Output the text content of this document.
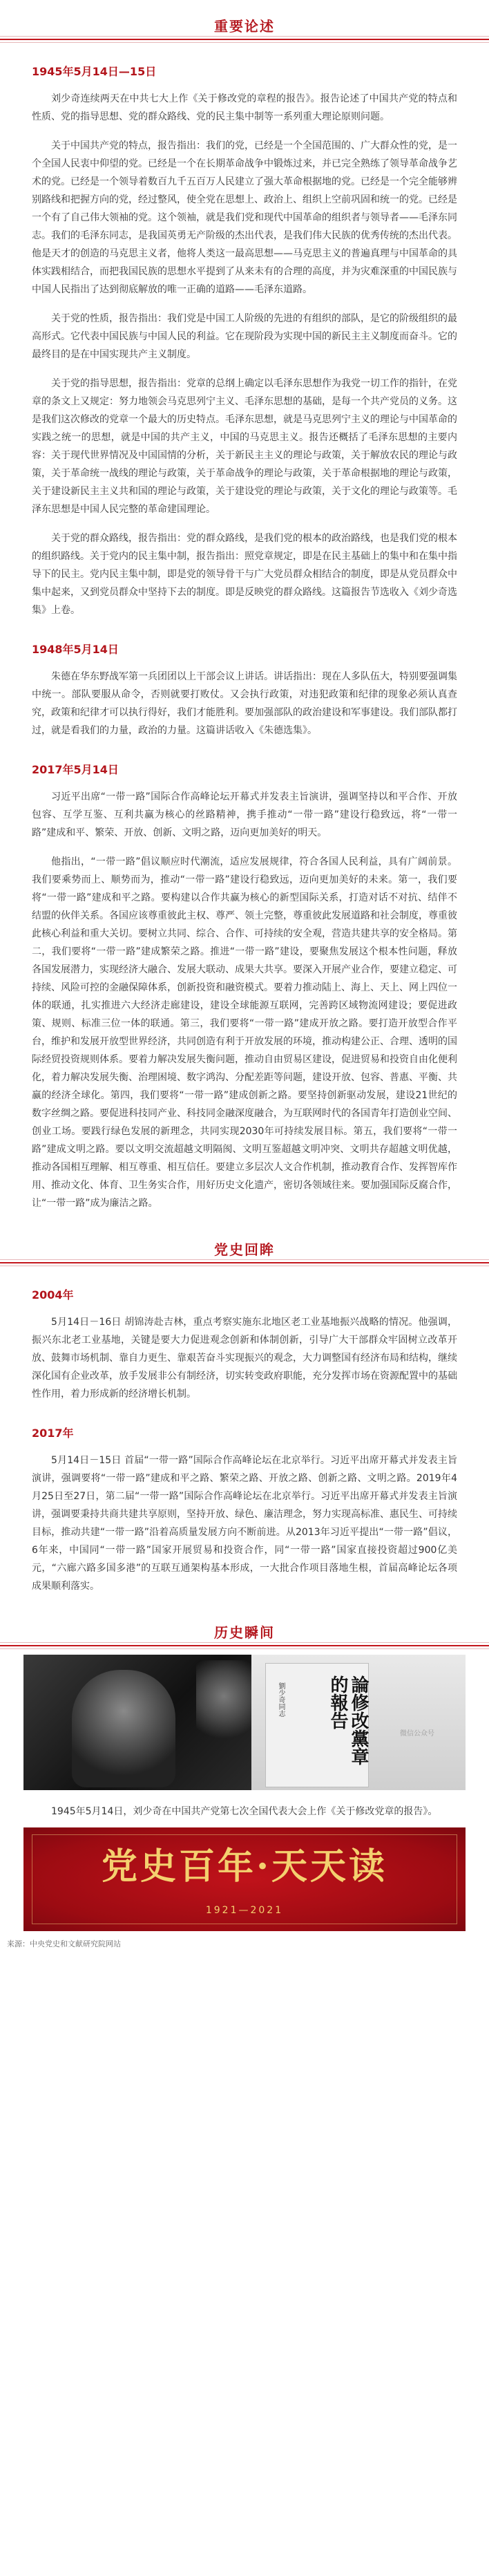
重要论述
1945年5月14日—15日

刘少奇连续两天在中共七大上作《关于修改党的章程的报告》。报告论述了中国共产党的特点和性质、党的指导思想、党的群众路线、党的民主集中制等一系列重大理论原则问题。

关于中国共产党的特点，报告指出：我们的党，已经是一个全国范围的、广大群众性的党，是一个全国人民衷中仰望的党。已经是一个在长期革命战争中锻炼过来，并已完全熟练了领导革命战争艺术的党。已经是一个领导着数百九千五百万人民建立了强大革命根据地的党。已经是一个完全能够辨别路线和把握方向的党，经过整风，使全党在思想上、政治上、组织上空前巩固和统一的党。已经是一个有了自己伟大领袖的党。这个领袖，就是我们党和现代中国革命的组织者与领导者——毛泽东同志。我们的毛泽东同志，是我国英勇无产阶级的杰出代表，是我们伟大民族的优秀传统的杰出代表。他是天才的创造的马克思主义者，他将人类这一最高思想——马克思主义的普遍真理与中国革命的具体实践相结合，而把我国民族的思想水平提到了从来未有的合理的高度，并为灾难深重的中国民族与中国人民指出了达到彻底解放的唯一正确的道路——毛泽东道路。

关于党的性质，报告指出：我们党是中国工人阶级的先进的有组织的部队，是它的阶级组织的最高形式。它代表中国民族与中国人民的利益。它在现阶段为实现中国的新民主主义制度而奋斗。它的最终目的是在中国实现共产主义制度。

关于党的指导思想，报告指出：党章的总纲上确定以毛泽东思想作为我党一切工作的指针，在党章的条文上又规定：努力地领会马克思列宁主义、毛泽东思想的基础，是每一个共产党员的义务。这是我们这次修改的党章一个最大的历史特点。毛泽东思想，就是马克思列宁主义的理论与中国革命的实践之统一的思想，就是中国的共产主义，中国的马克思主义。报告还概括了毛泽东思想的主要内容：关于现代世界情况及中国国情的分析，关于新民主主义的理论与政策，关于解放农民的理论与政策，关于革命统一战线的理论与政策，关于革命战争的理论与政策，关于革命根据地的理论与政策，关于建设新民主主义共和国的理论与政策，关于建设党的理论与政策，关于文化的理论与政策等。毛泽东思想是中国人民完整的革命建国理论。

关于党的群众路线，报告指出：党的群众路线，是我们党的根本的政治路线，也是我们党的根本的组织路线。关于党内的民主集中制，报告指出：照党章规定，即是在民主基础上的集中和在集中指导下的民主。党内民主集中制，即是党的领导骨干与广大党员群众相结合的制度，即是从党员群众中集中起来，又到党员群众中坚持下去的制度。即是反映党的群众路线。这篇报告节选收入《刘少奇选集》上卷。

1948年5月14日

朱德在华东野战军第一兵团团以上干部会议上讲话。讲话指出：现在人多队伍大，特别要强调集中统一。部队要服从命令，否则就要打败仗。又会执行政策，对违犯政策和纪律的现象必须认真查究，政策和纪律才可以执行得好，我们才能胜利。要加强部队的政治建设和军事建设。我们部队都打过，就是看我们的力量，政治的力量。这篇讲话收入《朱德选集》。

2017年5月14日

习近平出席“一带一路”国际合作高峰论坛开幕式并发表主旨演讲，强调坚持以和平合作、开放包容、互学互鉴、互利共赢为核心的丝路精神，携手推动“一带一路”建设行稳致远，将“一带一路”建成和平、繁荣、开放、创新、文明之路，迈向更加美好的明天。

他指出，“一带一路”倡议顺应时代潮流，适应发展规律，符合各国人民利益，具有广阔前景。我们要乘势而上、顺势而为，推动“一带一路”建设行稳致远，迈向更加美好的未来。第一，我们要将“一带一路”建成和平之路。要构建以合作共赢为核心的新型国际关系，打造对话不对抗、结伴不结盟的伙伴关系。各国应该尊重彼此主权、尊严、领土完整，尊重彼此发展道路和社会制度，尊重彼此核心利益和重大关切。要树立共同、综合、合作、可持续的安全观，营造共建共享的安全格局。第二，我们要将“一带一路”建成繁荣之路。推进“一带一路”建设，要聚焦发展这个根本性问题，释放各国发展潜力，实现经济大融合、发展大联动、成果大共享。要深入开展产业合作，要建立稳定、可持续、风险可控的金融保障体系，创新投资和融资模式。要着力推动陆上、海上、天上、网上四位一体的联通，扎实推进六大经济走廊建设，建设全球能源互联网，完善跨区域物流网建设；要促进政策、规则、标准三位一体的联通。第三，我们要将“一带一路”建成开放之路。要打造开放型合作平台，维护和发展开放型世界经济，共同创造有利于开放发展的环境，推动构建公正、合理、透明的国际经贸投资规则体系。要着力解决发展失衡问题，推动自由贸易区建设，促进贸易和投资自由化便利化，着力解决发展失衡、治理困境、数字鸿沟、分配差距等问题，建设开放、包容、普惠、平衡、共赢的经济全球化。第四，我们要将“一带一路”建成创新之路。要坚持创新驱动发展，建设21世纪的数字丝绸之路。要促进科技同产业、科技同金融深度融合，为互联网时代的各国青年打造创业空间、创业工场。要践行绿色发展的新理念，共同实现2030年可持续发展目标。第五，我们要将“一带一路”建成文明之路。要以文明交流超越文明隔阂、文明互鉴超越文明冲突、文明共存超越文明优越，推动各国相互理解、相互尊重、相互信任。要建立多层次人文合作机制，推动教育合作、发挥智库作用、推动文化、体育、卫生务实合作，用好历史文化遗产，密切各领域往来。要加强国际反腐合作，让“一带一路”成为廉洁之路。

党史回眸
2004年

5月14日－16日 胡锦涛赴吉林，重点考察实施东北地区老工业基地振兴战略的情况。他强调，振兴东北老工业基地，关键是要大力促进观念创新和体制创新，引导广大干部群众牢固树立改革开放、鼓舞市场机制、靠自力更生、靠艰苦奋斗实现振兴的观念，大力调整国有经济布局和结构，继续深化国有企业改革，放手发展非公有制经济，切实转变政府职能，充分发挥市场在资源配置中的基础性作用，着力形成新的经济增长机制。

2017年

5月14日－15日 首届“一带一路”国际合作高峰论坛在北京举行。习近平出席开幕式并发表主旨演讲，强调要将“一带一路”建成和平之路、繁荣之路、开放之路、创新之路、文明之路。2019年4月25日至27日，第二届“一带一路”国际合作高峰论坛在北京举行。习近平出席开幕式并发表主旨演讲，强调要秉持共商共建共享原则，坚持开放、绿色、廉洁理念，努力实现高标准、惠民生、可持续目标，推动共建“一带一路”沿着高质量发展方向不断前进。从2013年习近平提出“一带一路”倡议，6年来，中国同“一带一路”国家开展贸易和投资合作，同“一带一路”国家直接投资超过900亿美元，“六廊六路多国多港”的互联互通架构基本形成，一大批合作项目落地生根，首届高峰论坛各项成果顺利落实。

历史瞬间
劉少奇同志	論修改黨章的報告
微信公众号

1945年5月14日，刘少奇在中国共产党第七次全国代表大会上作《关于修改党章的报告》。

党史百年·天天读
1921—2021
来源：中央党史和文献研究院网站
